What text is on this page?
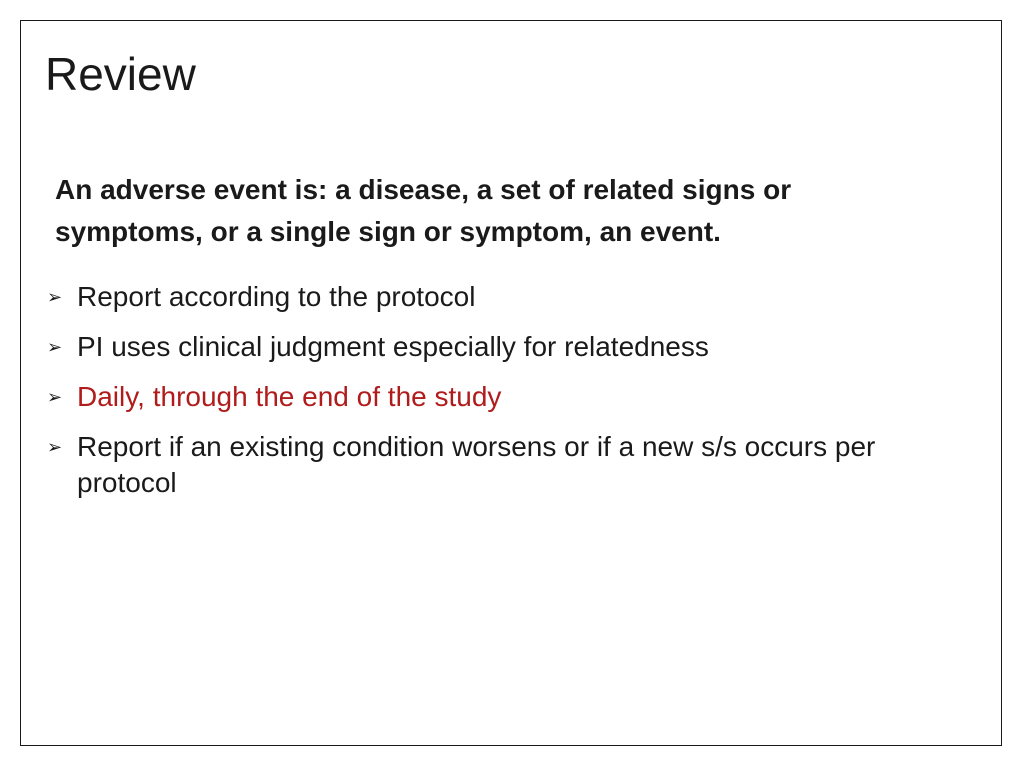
Review

An adverse event is: a disease, a set of related signs or symptoms, or a single sign or symptom, an event.

➢ Report according to the protocol
➢ PI uses clinical judgment especially for relatedness
➢ Daily, through the end of the study
➢ Report if an existing condition worsens or if a new s/s occurs per protocol
